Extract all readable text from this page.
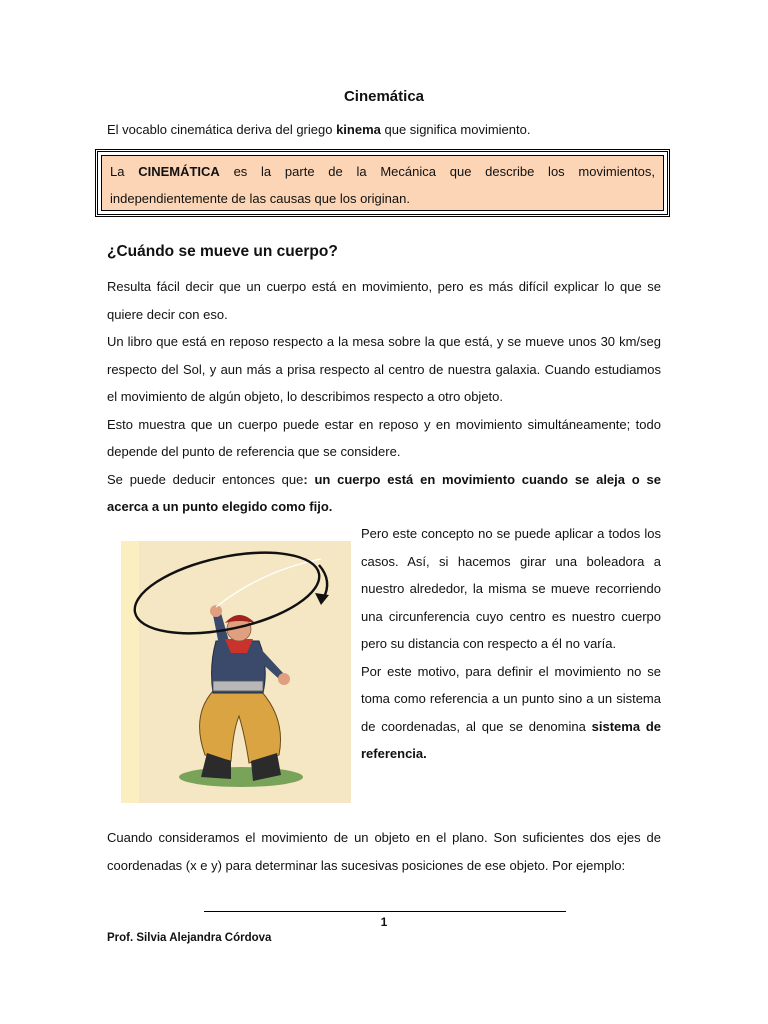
Cinemática
El vocablo cinemática deriva del griego kinema que significa movimiento.
La CINEMÁTICA es la parte de la Mecánica que describe los movimientos, independientemente de las causas que los originan.
¿Cuándo se mueve un cuerpo?

Resulta fácil decir que un cuerpo está en movimiento, pero es más difícil explicar lo que se quiere decir con eso.

Un libro que está en reposo respecto a la mesa sobre la que está, y se mueve unos 30 km/seg respecto del Sol, y aun más a prisa respecto al centro de nuestra galaxia. Cuando estudiamos el movimiento de algún objeto, lo describimos respecto a otro objeto.

Esto muestra que un cuerpo puede estar en reposo y en movimiento simultáneamente; todo depende del punto de referencia que se considere.

Se puede deducir entonces que: un cuerpo está en movimiento cuando se aleja o se acerca a un punto elegido como fijo.

Pero este concepto no se puede aplicar a todos los casos. Así, si hacemos girar una boleadora a nuestro alrededor, la misma se mueve recorriendo una circunferencia cuyo centro es nuestro cuerpo pero su distancia con respecto a él no varía.

Por este motivo, para definir el movimiento no se toma como referencia a un punto sino a un sistema de coordenadas, al que se denomina sistema de referencia.

Cuando consideramos el movimiento de un objeto en el plano. Son suficientes dos ejes de coordenadas (x e y) para determinar las sucesivas posiciones de ese objeto. Por ejemplo:

1
Prof. Silvia Alejandra Córdova
